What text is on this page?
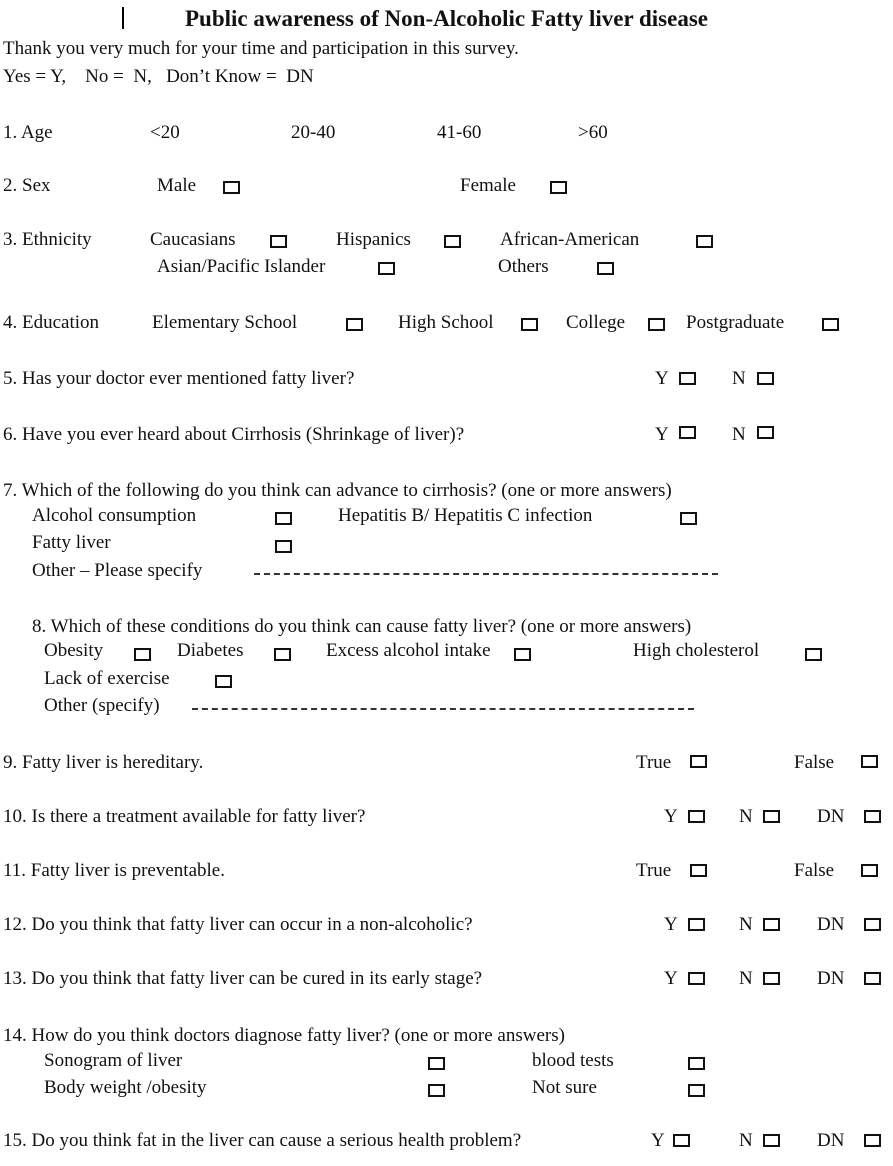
Public awareness of Non-Alcoholic Fatty liver disease
Thank you very much for your time and participation in this survey.
Yes = Y,    No =  N,   Don’t Know =  DN
1. Age	<20	20-40	41-60	>60
2. Sex	Male	Female
3. Ethnicity	Caucasians	Hispanics	African-American
Asian/Pacific Islander	Others
4. Education	Elementary School	High School	College	Postgraduate
5. Has your doctor ever mentioned fatty liver?	Y	N
6. Have you ever heard about Cirrhosis (Shrinkage of liver)?	Y	N
7. Which of the following do you think can advance to cirrhosis? (one or more answers)
Alcohol consumption	Hepatitis B/ Hepatitis C infection
Fatty liver
Other – Please specify
8. Which of these conditions do you think can cause fatty liver? (one or more answers)
Obesity	Diabetes	Excess alcohol intake	High cholesterol
Lack of exercise
Other (specify)
9. Fatty liver is hereditary.	True	False
10. Is there a treatment available for fatty liver?	Y	N	DN
11. Fatty liver is preventable.	True	False
12. Do you think that fatty liver can occur in a non-alcoholic?	Y	N	DN
13. Do you think that fatty liver can be cured in its early stage?	Y	N	DN
14. How do you think doctors diagnose fatty liver? (one or more answers)
Sonogram of liver	blood tests
Body weight /obesity	Not sure
15. Do you think fat in the liver can cause a serious health problem?	Y	N	DN
